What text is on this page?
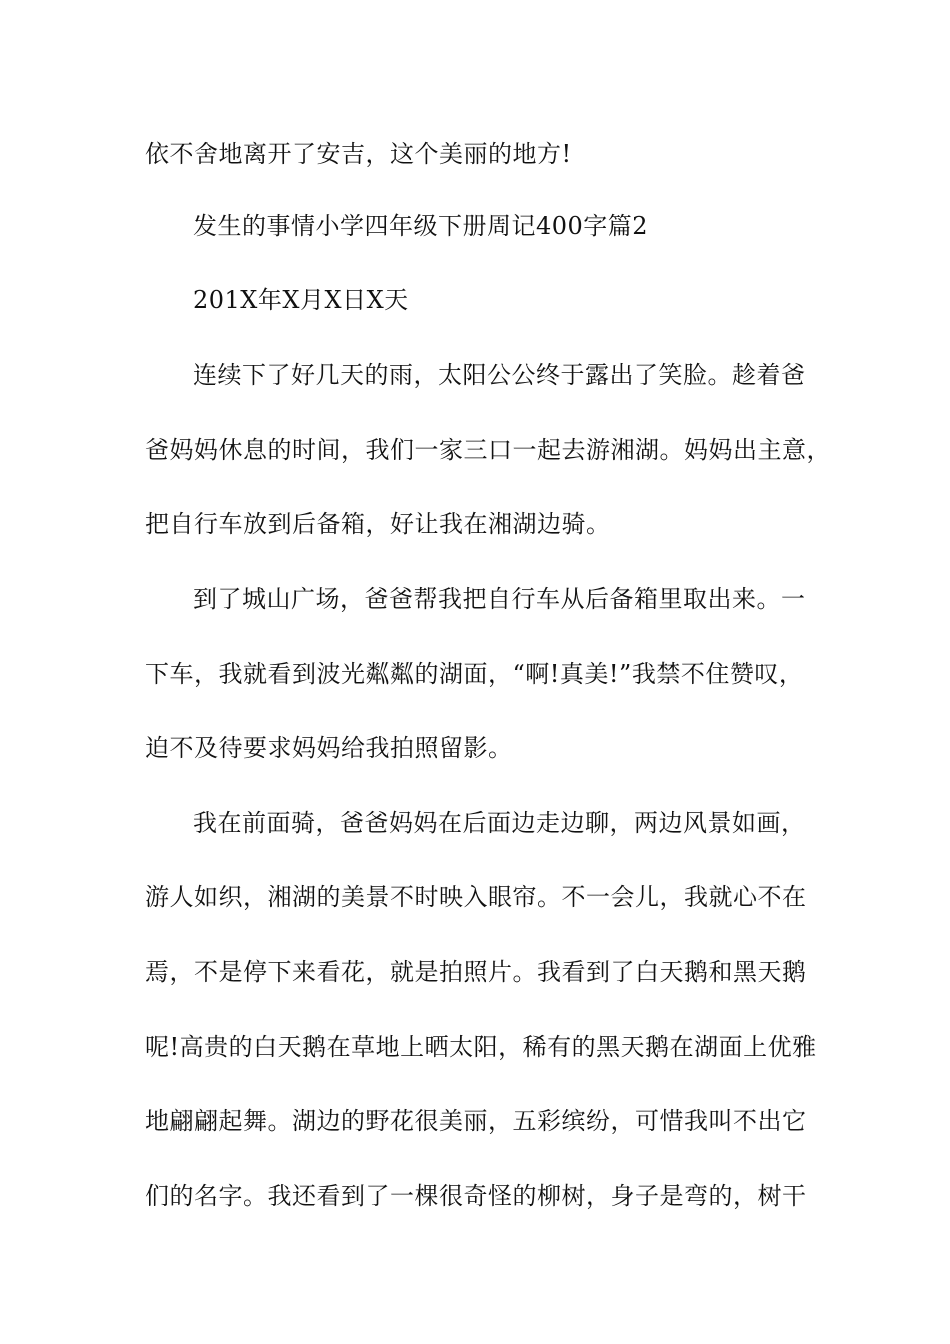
依不舍地离开了安吉，这个美丽的地方!
发生的事情小学四年级下册周记400字篇2
201X年X月X日X天
连续下了好几天的雨，太阳公公终于露出了笑脸。趁着爸
爸妈妈休息的时间，我们一家三口一起去游湘湖。妈妈出主意，
把自行车放到后备箱，好让我在湘湖边骑。
到了城山广场，爸爸帮我把自行车从后备箱里取出来。一
下车，我就看到波光粼粼的湖面，“啊!真美!”我禁不住赞叹，
迫不及待要求妈妈给我拍照留影。
我在前面骑，爸爸妈妈在后面边走边聊，两边风景如画，
游人如织，湘湖的美景不时映入眼帘。不一会儿，我就心不在
焉，不是停下来看花，就是拍照片。我看到了白天鹅和黑天鹅
呢!高贵的白天鹅在草地上晒太阳，稀有的黑天鹅在湖面上优雅
地翩翩起舞。湖边的野花很美丽，五彩缤纷，可惜我叫不出它
们的名字。我还看到了一棵很奇怪的柳树，身子是弯的，树干
